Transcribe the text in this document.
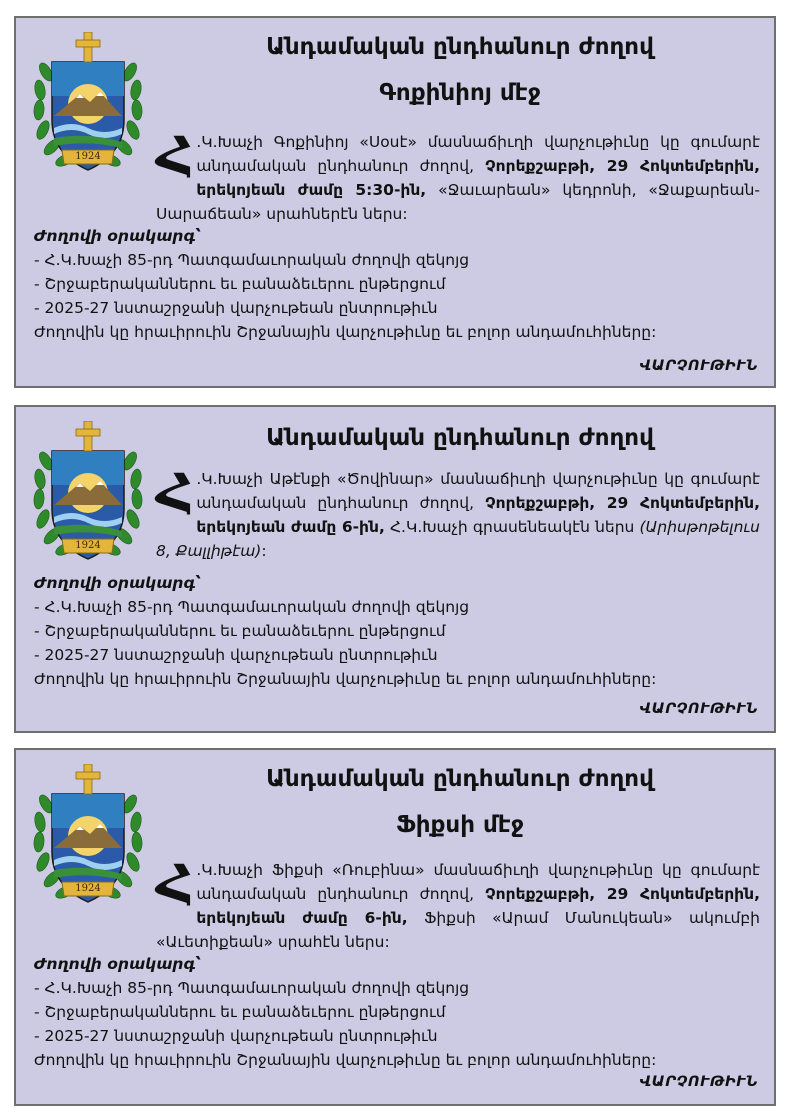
1924
Անդամական ընդհանուր ժողով
Գոքինիոյ մէջ
Հ .Կ.Խաչի Գոքինիոյ «Սօսէ» մասնաճիւղի վարչութիւնը կը գումարէ անդամական ընդհանուր ժողով, Չորեքշաբթի, 29 Հոկտեմբերին, երեկոյեան ժամը 5:30-ին, «Ջաւարեան» կեդրոնի, «Ջաքարեան-Սարաճեան» սրահներէն ներս:
Ժողովի օրակարգ՝
- Հ.Կ.Խաչի 85-րդ Պատգամաւորական ժողովի զեկոյց
- Շրջաբերականներու եւ բանաձեւերու ընթերցում
- 2025-27 նստաշրջանի վարչութեան ընտրութիւն
Ժողովին կը հրաւիրուին Շրջանային վարչութիւնը եւ բոլոր անդամուհիները:
ՎԱՐՉՈՒԹԻՒՆ
1924
Անդամական ընդհանուր ժողով
Հ .Կ.Խաչի Աթէնքի «Ծովինար» մասնաճիւղի վարչութիւնը կը գումարէ անդամական ընդհանուր ժողով, Չորեքշաբթի, 29 Հոկտեմբերին, երեկոյեան ժամը 6-ին, Հ.Կ.Խաչի գրասենեակէն ներս (Արիսթոթելուս 8, Քալլիթէա):
Ժողովի օրակարգ՝
- Հ.Կ.Խաչի 85-րդ Պատգամաւորական ժողովի զեկոյց
- Շրջաբերականներու եւ բանաձեւերու ընթերցում
- 2025-27 նստաշրջանի վարչութեան ընտրութիւն
Ժողովին կը հրաւիրուին Շրջանային վարչութիւնը եւ բոլոր անդամուհիները:
ՎԱՐՉՈՒԹԻՒՆ
1924
Անդամական ընդհանուր ժողով
Ֆիքսի մէջ
Հ .Կ.Խաչի Ֆիքսի «Ռուբինա» մասնաճիւղի վարչութիւնը կը գումարէ անդամական ընդհանուր ժողով, Չորեքշաբթի, 29 Հոկտեմբերին, երեկոյեան ժամը 6-ին, Ֆիքսի «Արամ Մանուկեան» ակումբի «Աւետիքեան» սրահէն ներս:
Ժողովի օրակարգ՝
- Հ.Կ.Խաչի 85-րդ Պատգամաւորական ժողովի զեկոյց
- Շրջաբերականներու եւ բանաձեւերու ընթերցում
- 2025-27 նստաշրջանի վարչութեան ընտրութիւն
Ժողովին կը հրաւիրուին Շրջանային վարչութիւնը եւ բոլոր անդամուհիները:
ՎԱՐՉՈՒԹԻՒՆ
